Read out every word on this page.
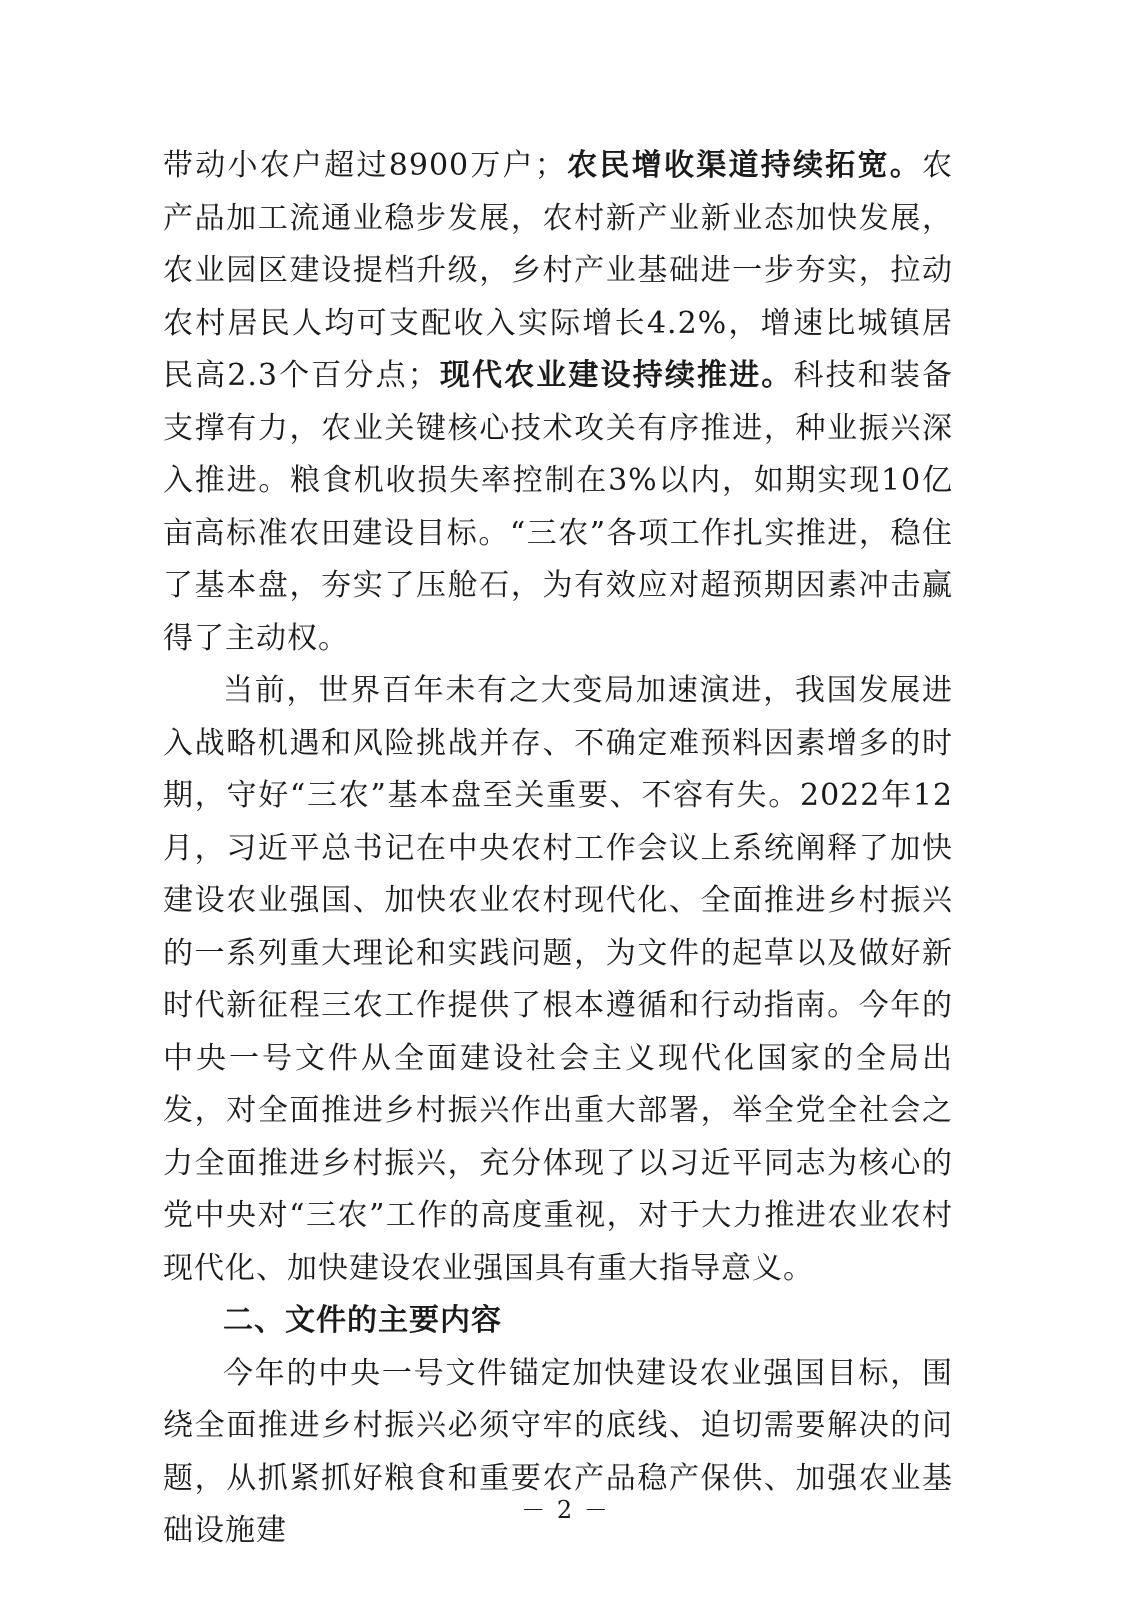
带动小农户超过8900万户；农民增收渠道持续拓宽。农产品加工流通业稳步发展，农村新产业新业态加快发展，农业园区建设提档升级，乡村产业基础进一步夯实，拉动农村居民人均可支配收入实际增长4.2%，增速比城镇居民高2.3个百分点；现代农业建设持续推进。科技和装备支撑有力，农业关键核心技术攻关有序推进，种业振兴深入推进。粮食机收损失率控制在3%以内，如期实现10亿亩高标准农田建设目标。“三农”各项工作扎实推进，稳住了基本盘，夯实了压舱石，为有效应对超预期因素冲击赢得了主动权。

当前，世界百年未有之大变局加速演进，我国发展进入战略机遇和风险挑战并存、不确定难预料因素增多的时期，守好“三农”基本盘至关重要、不容有失。2022年12月，习近平总书记在中央农村工作会议上系统阐释了加快建设农业强国、加快农业农村现代化、全面推进乡村振兴的一系列重大理论和实践问题，为文件的起草以及做好新时代新征程三农工作提供了根本遵循和行动指南。今年的中央一号文件从全面建设社会主义现代化国家的全局出发，对全面推进乡村振兴作出重大部署，举全党全社会之力全面推进乡村振兴，充分体现了以习近平同志为核心的党中央对“三农”工作的高度重视，对于大力推进农业农村现代化、加快建设农业强国具有重大指导意义。

二、文件的主要内容

今年的中央一号文件锚定加快建设农业强国目标，围绕全面推进乡村振兴必须守牢的底线、迫切需要解决的问题，从抓紧抓好粮食和重要农产品稳产保供、加强农业基础设施建

－ 2 －
